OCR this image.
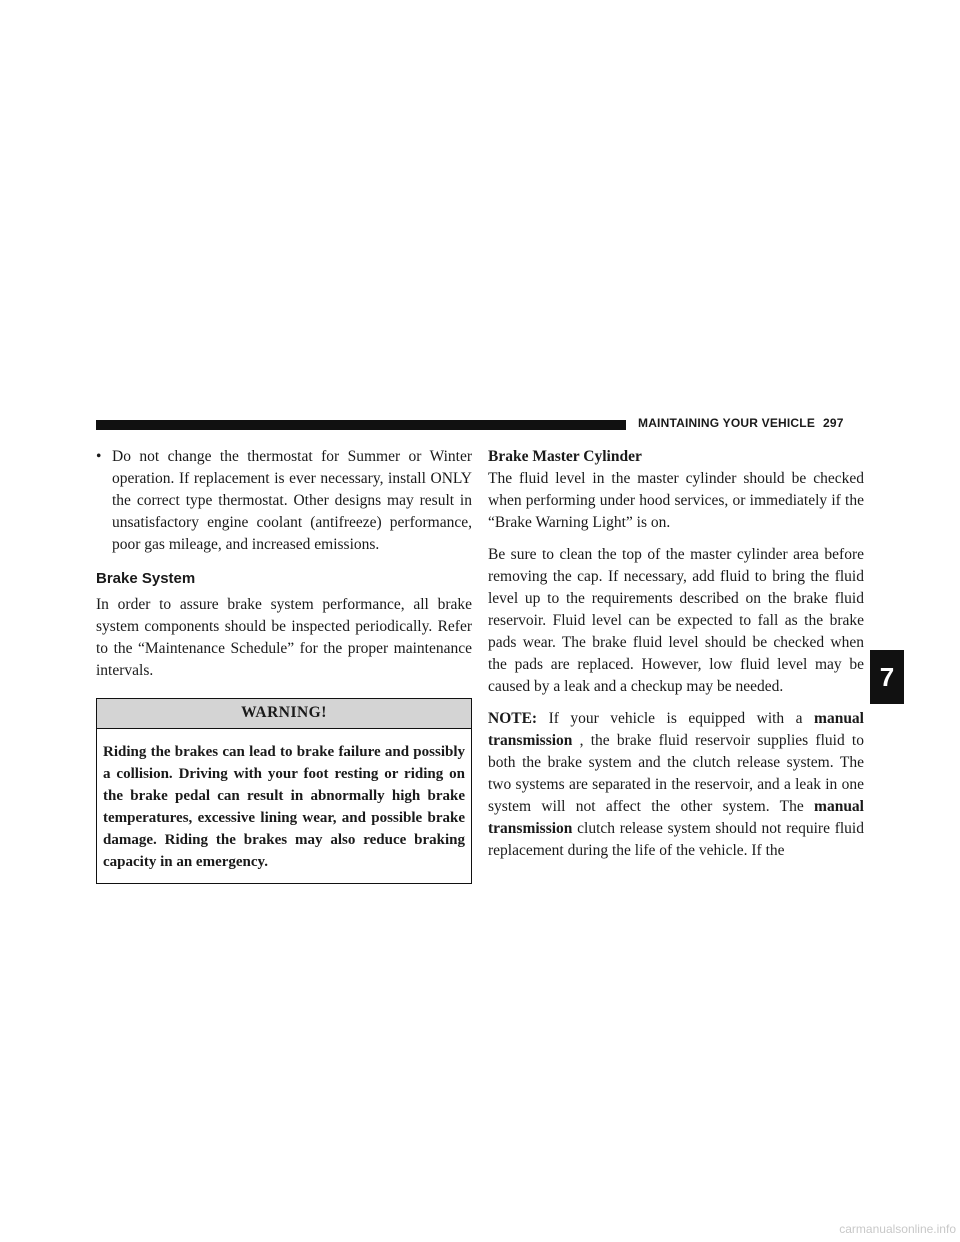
MAINTAINING YOUR VEHICLE 297
• Do not change the thermostat for Summer or Winter operation. If replacement is ever necessary, install ONLY the correct type thermostat. Other designs may result in unsatisfactory engine coolant (antifreeze) performance, poor gas mileage, and increased emissions.
Brake System

In order to assure brake system performance, all brake system components should be inspected periodically. Refer to the “Maintenance Schedule” for the proper maintenance intervals.

WARNING!
Riding the brakes can lead to brake failure and possibly a collision. Driving with your foot resting or riding on the brake pedal can result in abnormally high brake temperatures, excessive lining wear, and possible brake damage. Riding the brakes may also reduce braking capacity in an emergency.
Brake Master Cylinder

The fluid level in the master cylinder should be checked when performing under hood services, or immediately if the “Brake Warning Light” is on.

Be sure to clean the top of the master cylinder area before removing the cap. If necessary, add fluid to bring the fluid level up to the requirements described on the brake fluid reservoir. Fluid level can be expected to fall as the brake pads wear. The brake fluid level should be checked when the pads are replaced. However, low fluid level may be caused by a leak and a checkup may be needed.

NOTE: If your vehicle is equipped with a manual transmission , the brake fluid reservoir supplies fluid to both the brake system and the clutch release system. The two systems are separated in the reservoir, and a leak in one system will not affect the other system. The manual transmission clutch release system should not require fluid replacement during the life of the vehicle. If the

7
carmanualsonline.info
